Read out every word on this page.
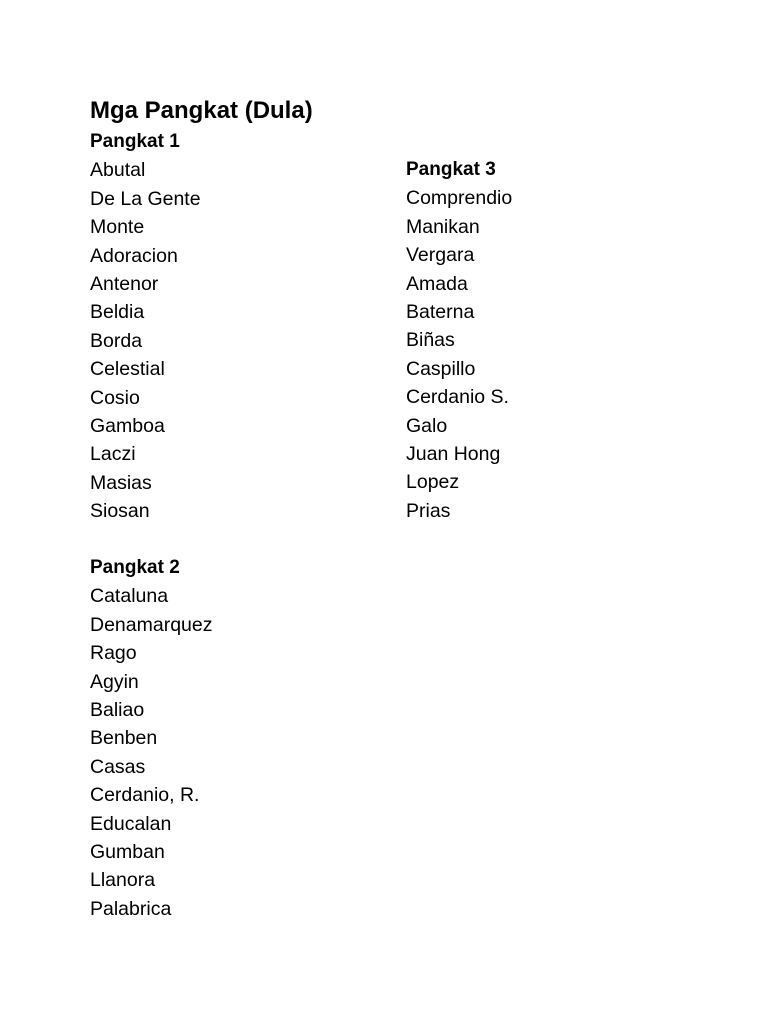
Mga Pangkat (Dula)
Pangkat 1
Abutal
De La Gente
Monte
Adoracion
Antenor
Beldia
Borda
Celestial
Cosio
Gamboa
Laczi
Masias
Siosan
Pangkat 2
Cataluna
Denamarquez
Rago
Agyin
Baliao
Benben
Casas
Cerdanio, R.
Educalan
Gumban
Llanora
Palabrica
Pangkat 3
Comprendio
Manikan
Vergara
Amada
Baterna
Biñas
Caspillo
Cerdanio S.
Galo
Juan Hong
Lopez
Prias
